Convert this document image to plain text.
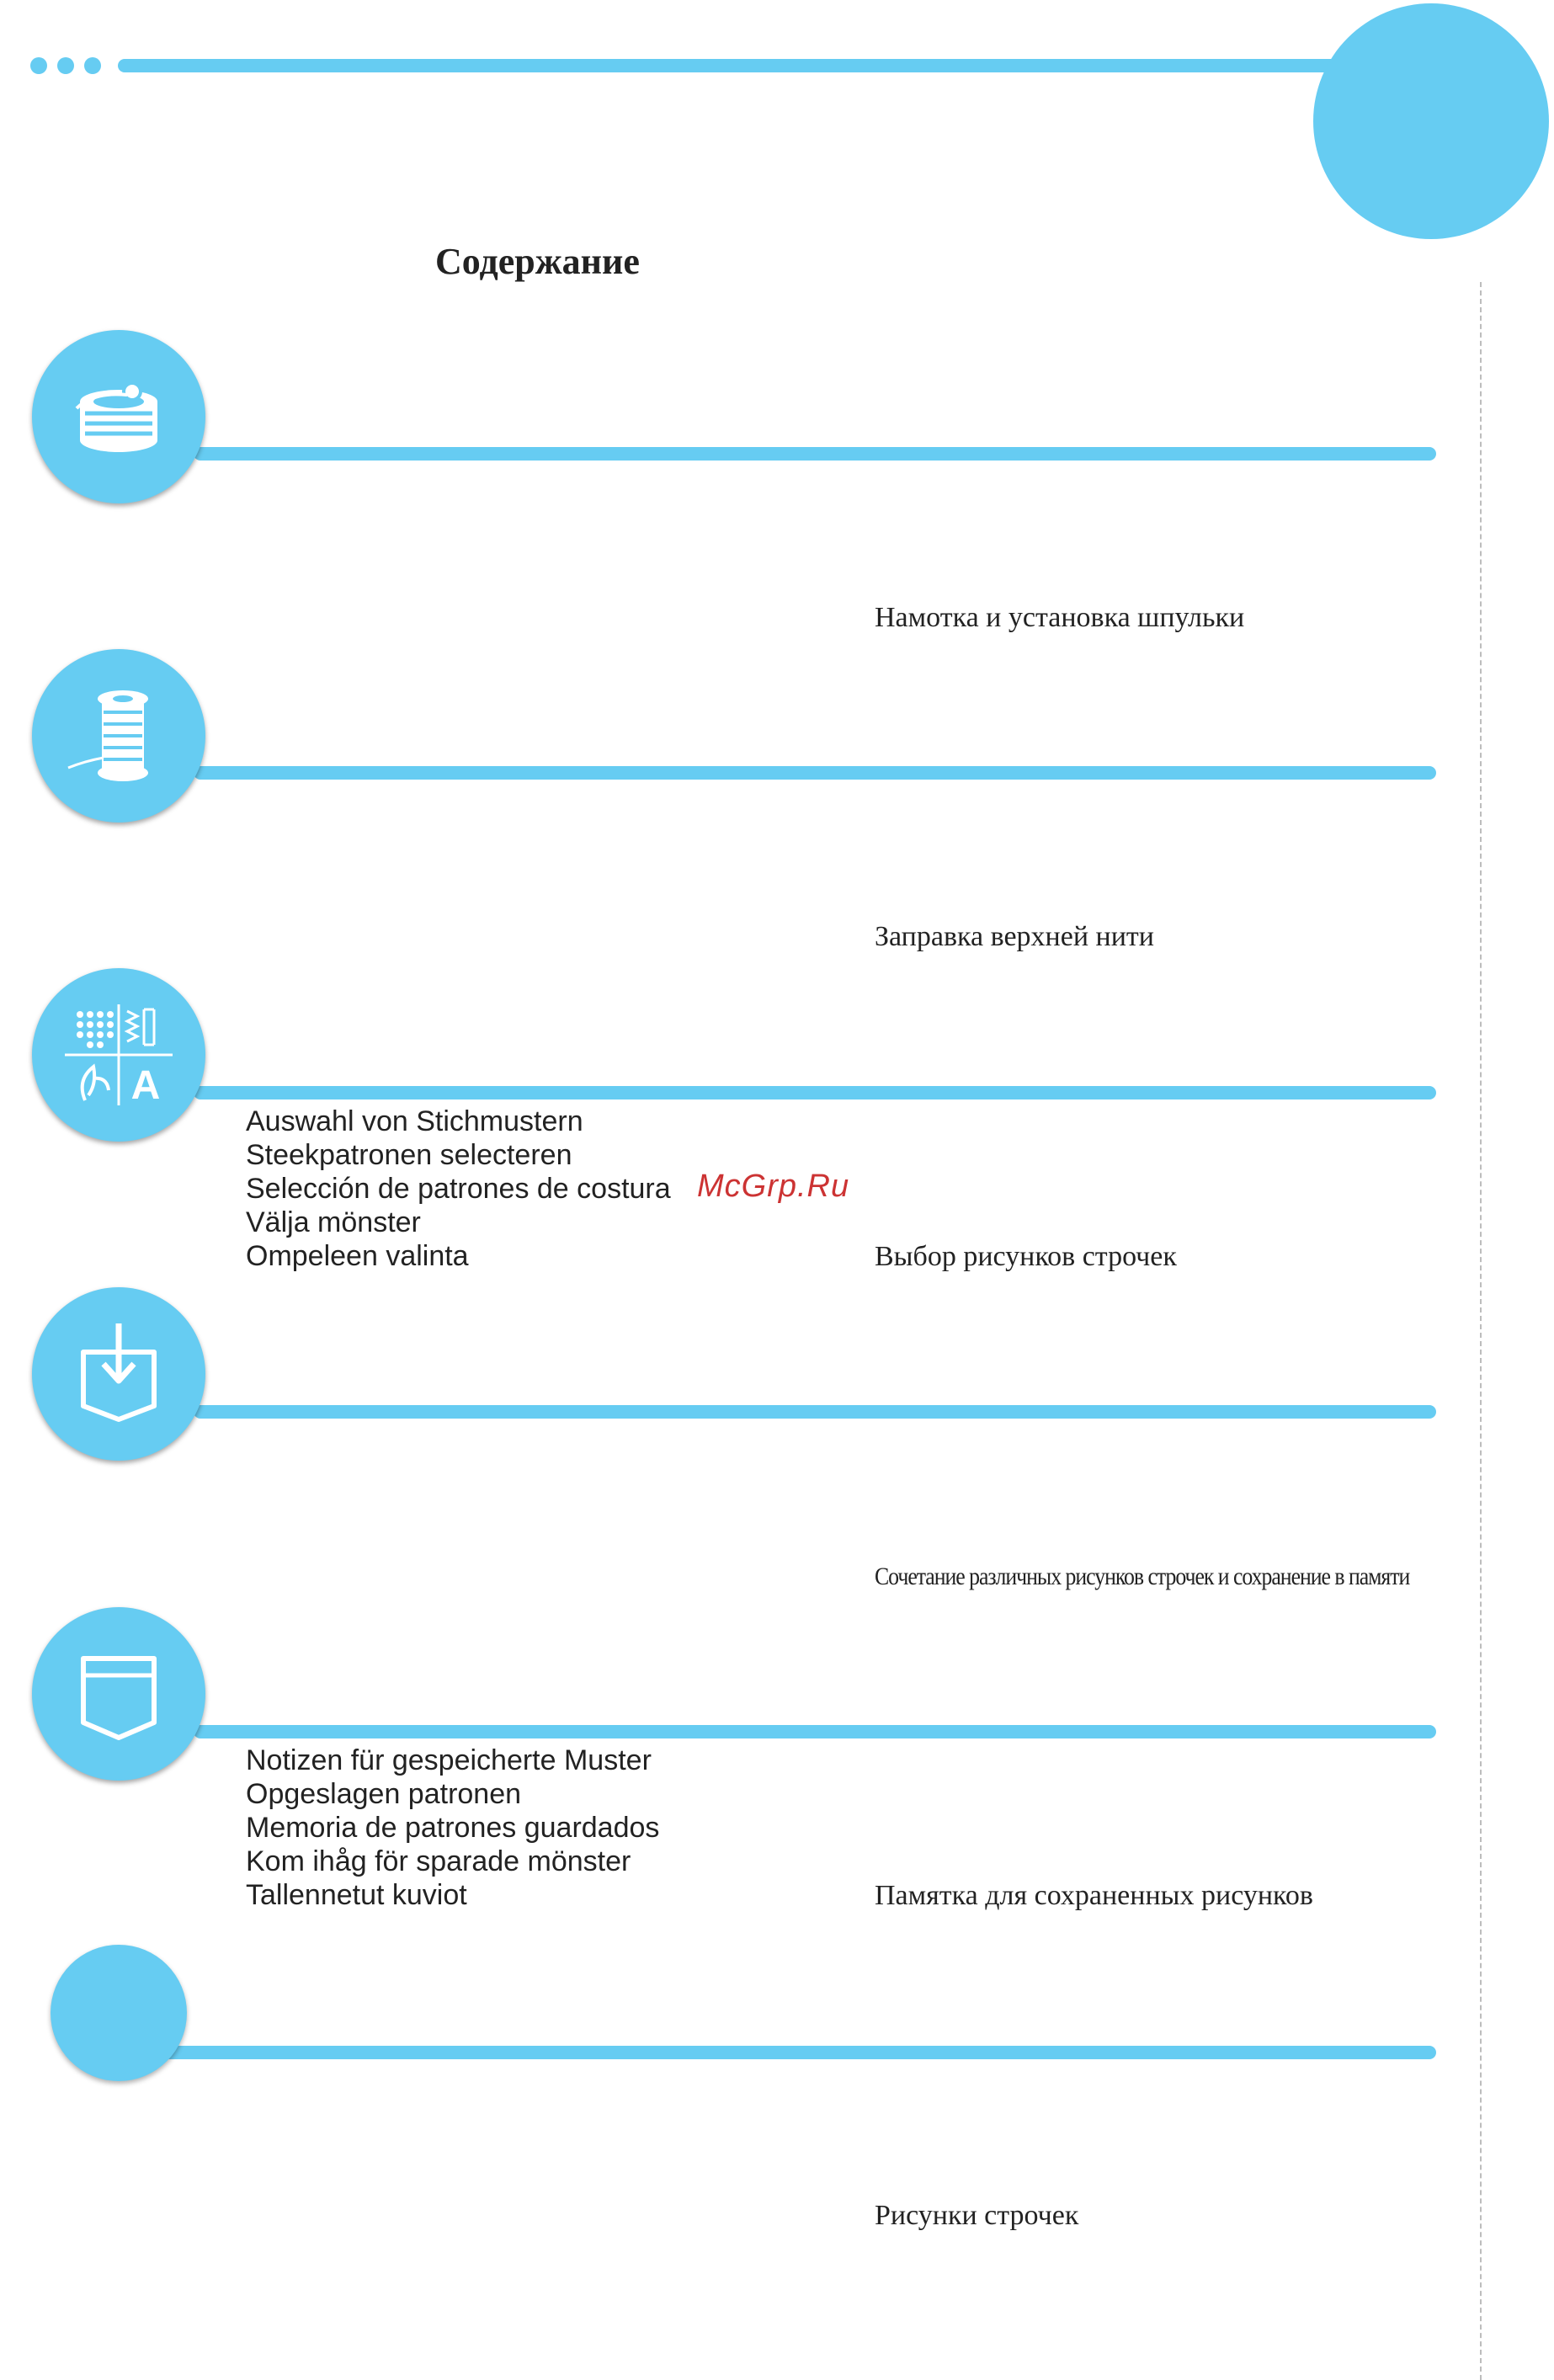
Содержание
Намотка и установка шпульки
Заправка верхней нити
A
Auswahl von Stichmustern
Steekpatronen selecteren
Selección de patrones de costura
Välja mönster
Ompeleen valinta
McGrp.Ru
Выбор рисунков строчек
Сочетание различных рисунков строчек и сохранение в памяти
Notizen für gespeicherte Muster
Opgeslagen patronen
Memoria de patrones guardados
Kom ihåg för sparade mönster
Tallennetut kuviot	Памятка для сохраненных рисунков
Рисунки строчек
